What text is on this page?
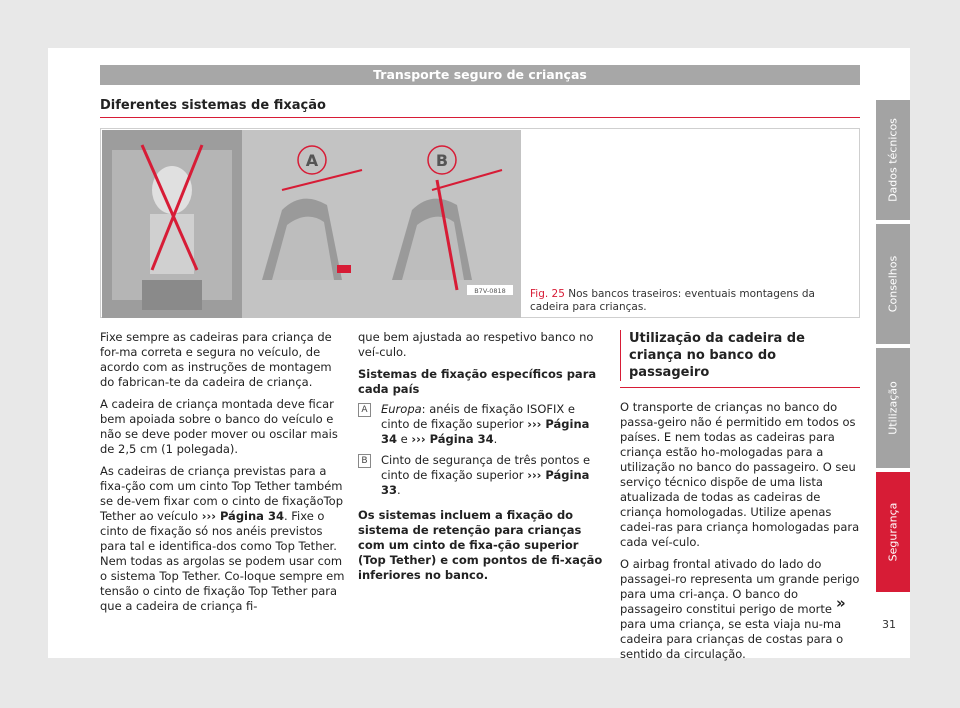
Transporte seguro de crianças
Diferentes sistemas de fixação
A	B
B7V-0818 Fig. 25 Nos bancos traseiros: eventuais montagens da cadeira para crianças.

Fixe sempre as cadeiras para criança de for-ma correta e segura no veículo, de acordo com as instruções de montagem do fabrican-te da cadeira de criança.

A cadeira de criança montada deve ficar bem apoiada sobre o banco do veículo e não se deve poder mover ou oscilar mais de 2,5 cm (1 polegada).

As cadeiras de criança previstas para a fixa-ção com um cinto Top Tether também se de-vem fixar com o cinto de fixaçãoTop Tether ao veículo ››› Página 34. Fixe o cinto de fixação só nos anéis previstos para tal e identifica-dos como Top Tether. Nem todas as argolas se podem usar com o sistema Top Tether. Co-loque sempre em tensão o cinto de fixação Top Tether para que a cadeira de criança fi-

que bem ajustada ao respetivo banco no veí-culo.

Sistemas de fixação específicos para cada país
A Europa: anéis de fixação ISOFIX e cinto de fixação superior ››› Página 34 e ››› Página 34.
B Cinto de segurança de três pontos e cinto de fixação superior ››› Página 33.

Os sistemas incluem a fixação do sistema de retenção para crianças com um cinto de fixa-ção superior (Top Tether) e com pontos de fi-xação inferiores no banco.

Utilização da cadeira de criança no banco do passageiro

O transporte de crianças no banco do passa-geiro não é permitido em todos os países. E nem todas as cadeiras para criança estão ho-mologadas para a utilização no banco do passageiro. O seu serviço técnico dispõe de uma lista atualizada de todas as cadeiras de criança homologadas. Utilize apenas cadei-ras para criança homologadas para cada veí-culo.

O airbag frontal ativado do lado do passagei-ro representa um grande perigo para uma cri-ança. O banco do passageiro constitui perigo de morte para uma criança, se esta viaja nu-ma cadeira para crianças de costas para o sentido da circulação.

»
Dados técnicos
Conselhos
Utilização
Segurança
31
